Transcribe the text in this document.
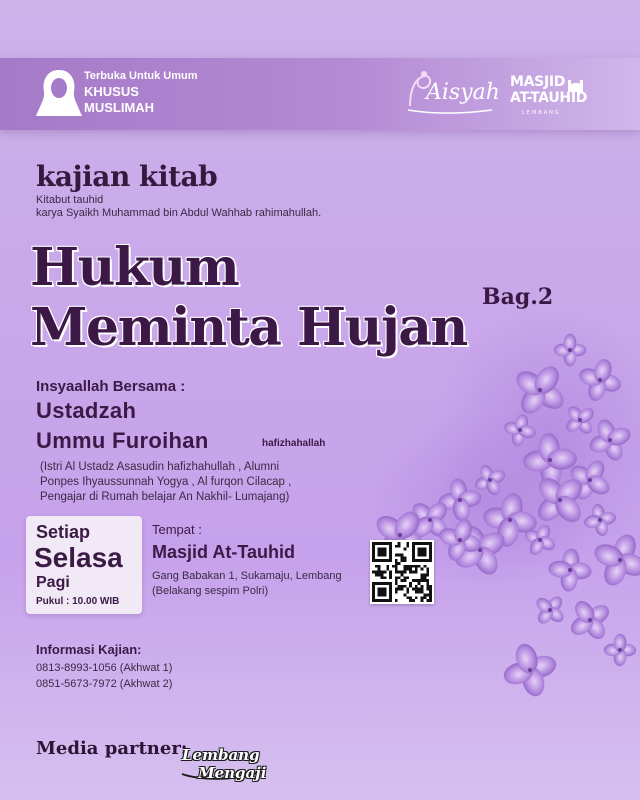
Terbuka Untuk Umum
KHUSUS
MUSLIMAH
Aisyah MASJID
AT-TAUHID
LEMBANG
kajian kitab
Kitabut tauhid
karya Syaikh Muhammad bin Abdul Wahhab rahimahullah.
Hukum
Meminta Hujan Bag.2
Insyaallah Bersama :
Ustadzah
Ummu Furoihan	hafizhahallah
(Istri Al Ustadz Asasudin hafizhahullah , Alumni
Ponpes Ihyaussunnah Yogya , Al furqon Cilacap ,
Pengajar di Rumah belajar An Nakhil- Lumajang)
Setiap
Selasa
Pagi
Pukul : 10.00 WIB
Tempat :
Masjid At-Tauhid
Gang Babakan 1, Sukamaju, Lembang
(Belakang sespim Polri)
Informasi Kajian:
0813-8993-1056 (Akhwat 1)
0851-5673-7972 (Akhwat 2)
Media partner:
Lembang
Mengaji
